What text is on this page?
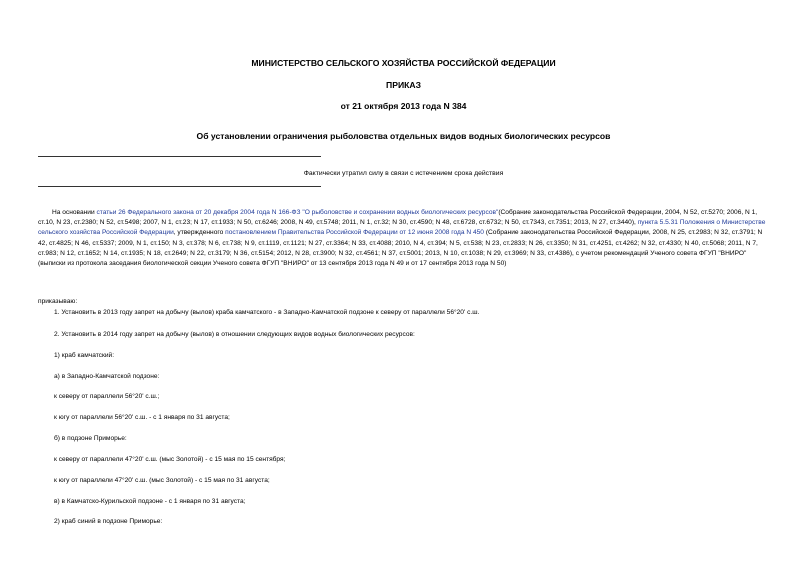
МИНИСТЕРСТВО СЕЛЬСКОГО ХОЗЯЙСТВА РОССИЙСКОЙ ФЕДЕРАЦИИ
ПРИКАЗ
от 21 октября 2013 года N 384
Об установлении ограничения рыболовства отдельных видов водных биологических ресурсов
Фактически утратил силу в связи с истечением срока действия

На основании статьи 26 Федерального закона от 20 декабря 2004 года N 166-ФЗ "О рыболовстве и сохранении водных биологических ресурсов"(Собрание законодательства Российской Федерации, 2004, N 52, ст.5270; 2006, N 1, ст.10, N 23, ст.2380; N 52, ст.5498; 2007, N 1, ст.23; N 17, ст.1933; N 50, ст.6246; 2008, N 49, ст.5748; 2011, N 1, ст.32; N 30, ст.4590; N 48, ст.6728, ст.6732; N 50, ст.7343, ст.7351; 2013, N 27, ст.3440), пункта 5.5.31 Положения о Министерстве сельского хозяйства Российской Федерации, утвержденного постановлением Правительства Российской Федерации от 12 июня 2008 года N 450 (Собрание законодательства Российской Федерации, 2008, N 25, ст.2983; N 32, ст.3791; N 42, ст.4825; N 46, ст.5337; 2009, N 1, ст.150; N 3, ст.378; N 6, ст.738; N 9, ст.1119, ст.1121; N 27, ст.3364; N 33, ст.4088; 2010, N 4, ст.394; N 5, ст.538; N 23, ст.2833; N 26, ст.3350; N 31, ст.4251, ст.4262; N 32, ст.4330; N 40, ст.5068; 2011, N 7, ст.983; N 12, ст.1652; N 14, ст.1935; N 18, ст.2649; N 22, ст.3179; N 36, ст.5154; 2012, N 28, ст.3900; N 32, ст.4561; N 37, ст.5001; 2013, N 10, ст.1038; N 29, ст.3969; N 33, ст.4386), с учетом рекомендаций Ученого совета ФГУП "ВНИРО" (выписки из протокола заседания биологической секции Ученого совета ФГУП "ВНИРО" от 13 сентября 2013 года N 49 и от 17 сентября 2013 года N 50)

приказываю:
1. Установить в 2013 году запрет на добычу (вылов) краба камчатского - в Западно-Камчатской подзоне к северу от параллели 56°20' с.ш.
2. Установить в 2014 году запрет на добычу (вылов) в отношении следующих видов водных биологических ресурсов:
1) краб камчатский:
а) в Западно-Камчатской подзоне:
к северу от параллели 56°20' с.ш.;
к югу от параллели 56°20' с.ш. - с 1 января по 31 августа;
б) в подзоне Приморье:
к северу от параллели 47°20' с.ш. (мыс Золотой) - с 15 мая по 15 сентября;
к югу от параллели 47°20' с.ш. (мыс Золотой) - с 15 мая по 31 августа;
в) в Камчатско-Курильской подзоне - с 1 января по 31 августа;
2) краб синий в подзоне Приморье:
